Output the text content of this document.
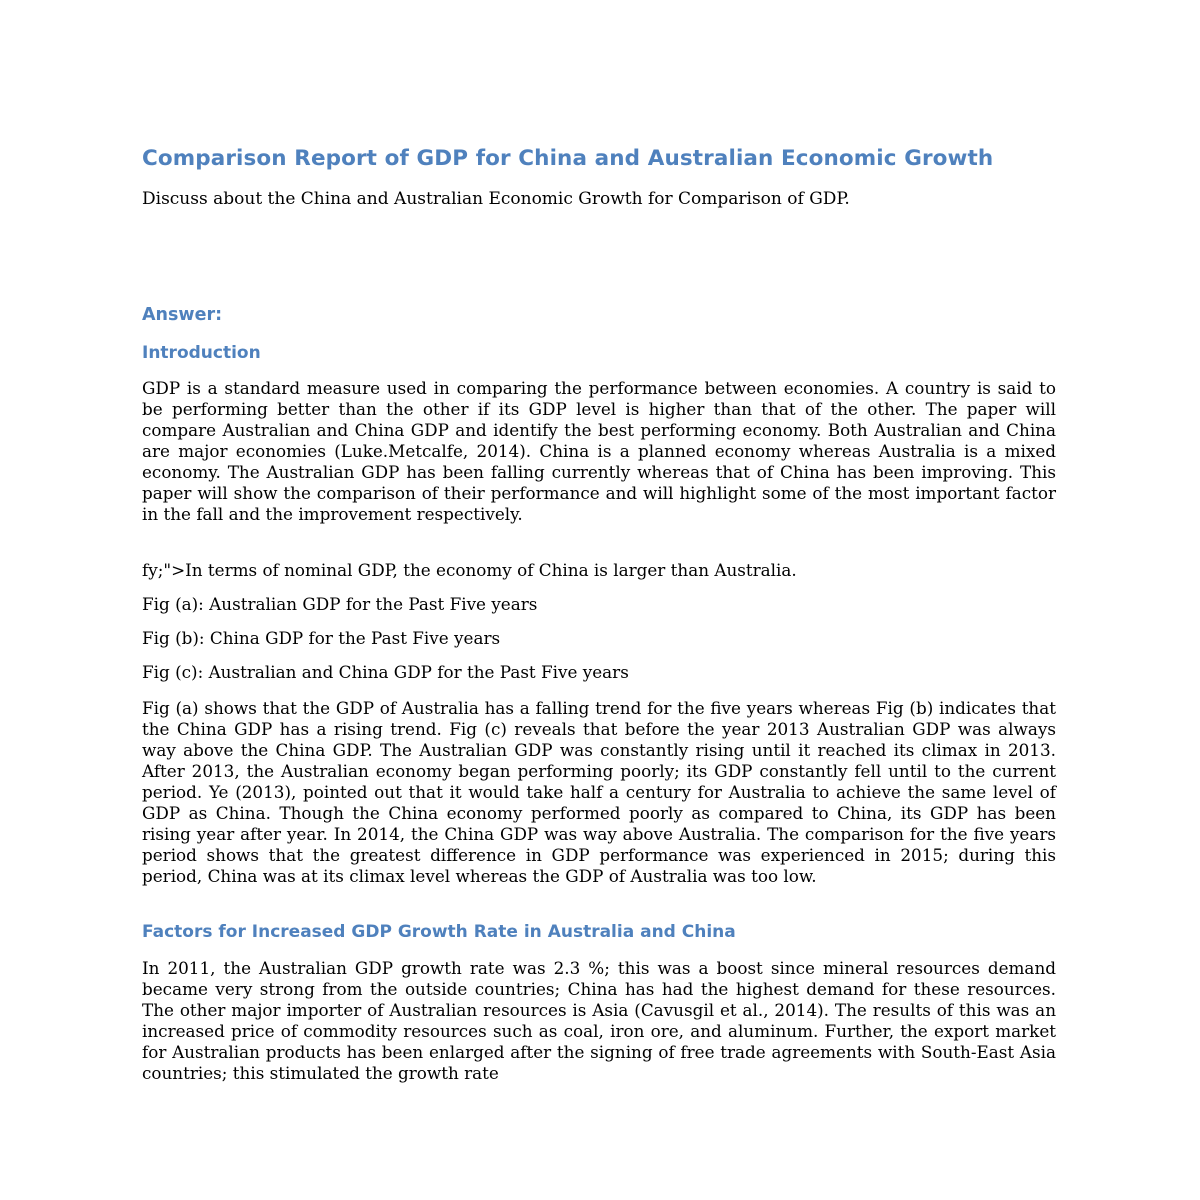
Comparison Report of GDP for China and Australian Economic Growth

Discuss about the China and Australian Economic Growth for Comparison of GDP.

Answer:
Introduction

GDP is a standard measure used in comparing the performance between economies. A country is said to be performing better than the other if its GDP level is higher than that of the other. The paper will compare Australian and China GDP and identify the best performing economy. Both Australian and China are major economies (Luke.Metcalfe, 2014). China is a planned economy whereas Australia is a mixed economy. The Australian GDP has been falling currently whereas that of China has been improving. This paper will show the comparison of their performance and will highlight some of the most important factor in the fall and the improvement respectively.

fy;">In terms of nominal GDP, the economy of China is larger than Australia.

Fig (a): Australian GDP for the Past Five years

Fig (b): China GDP for the Past Five years

Fig (c): Australian and China GDP for the Past Five years

Fig (a) shows that the GDP of Australia has a falling trend for the five years whereas Fig (b) indicates that the China GDP has a rising trend. Fig (c) reveals that before the year 2013 Australian GDP was always way above the China GDP. The Australian GDP was constantly rising until it reached its climax in 2013. After 2013, the Australian economy began performing poorly; its GDP constantly fell until to the current period. Ye (2013), pointed out that it would take half a century for Australia to achieve the same level of GDP as China. Though the China economy performed poorly as compared to China, its GDP has been rising year after year. In 2014, the China GDP was way above Australia. The comparison for the five years period shows that the greatest difference in GDP performance was experienced in 2015; during this period, China was at its climax level whereas the GDP of Australia was too low.

Factors for Increased GDP Growth Rate in Australia and China

In 2011, the Australian GDP growth rate was 2.3 %; this was a boost since mineral resources demand became very strong from the outside countries; China has had the highest demand for these resources. The other major importer of Australian resources is Asia (Cavusgil et al., 2014). The results of this was an increased price of commodity resources such as coal, iron ore, and aluminum. Further, the export market for Australian products has been enlarged after the signing of free trade agreements with South-East Asia countries; this stimulated the growth rate
